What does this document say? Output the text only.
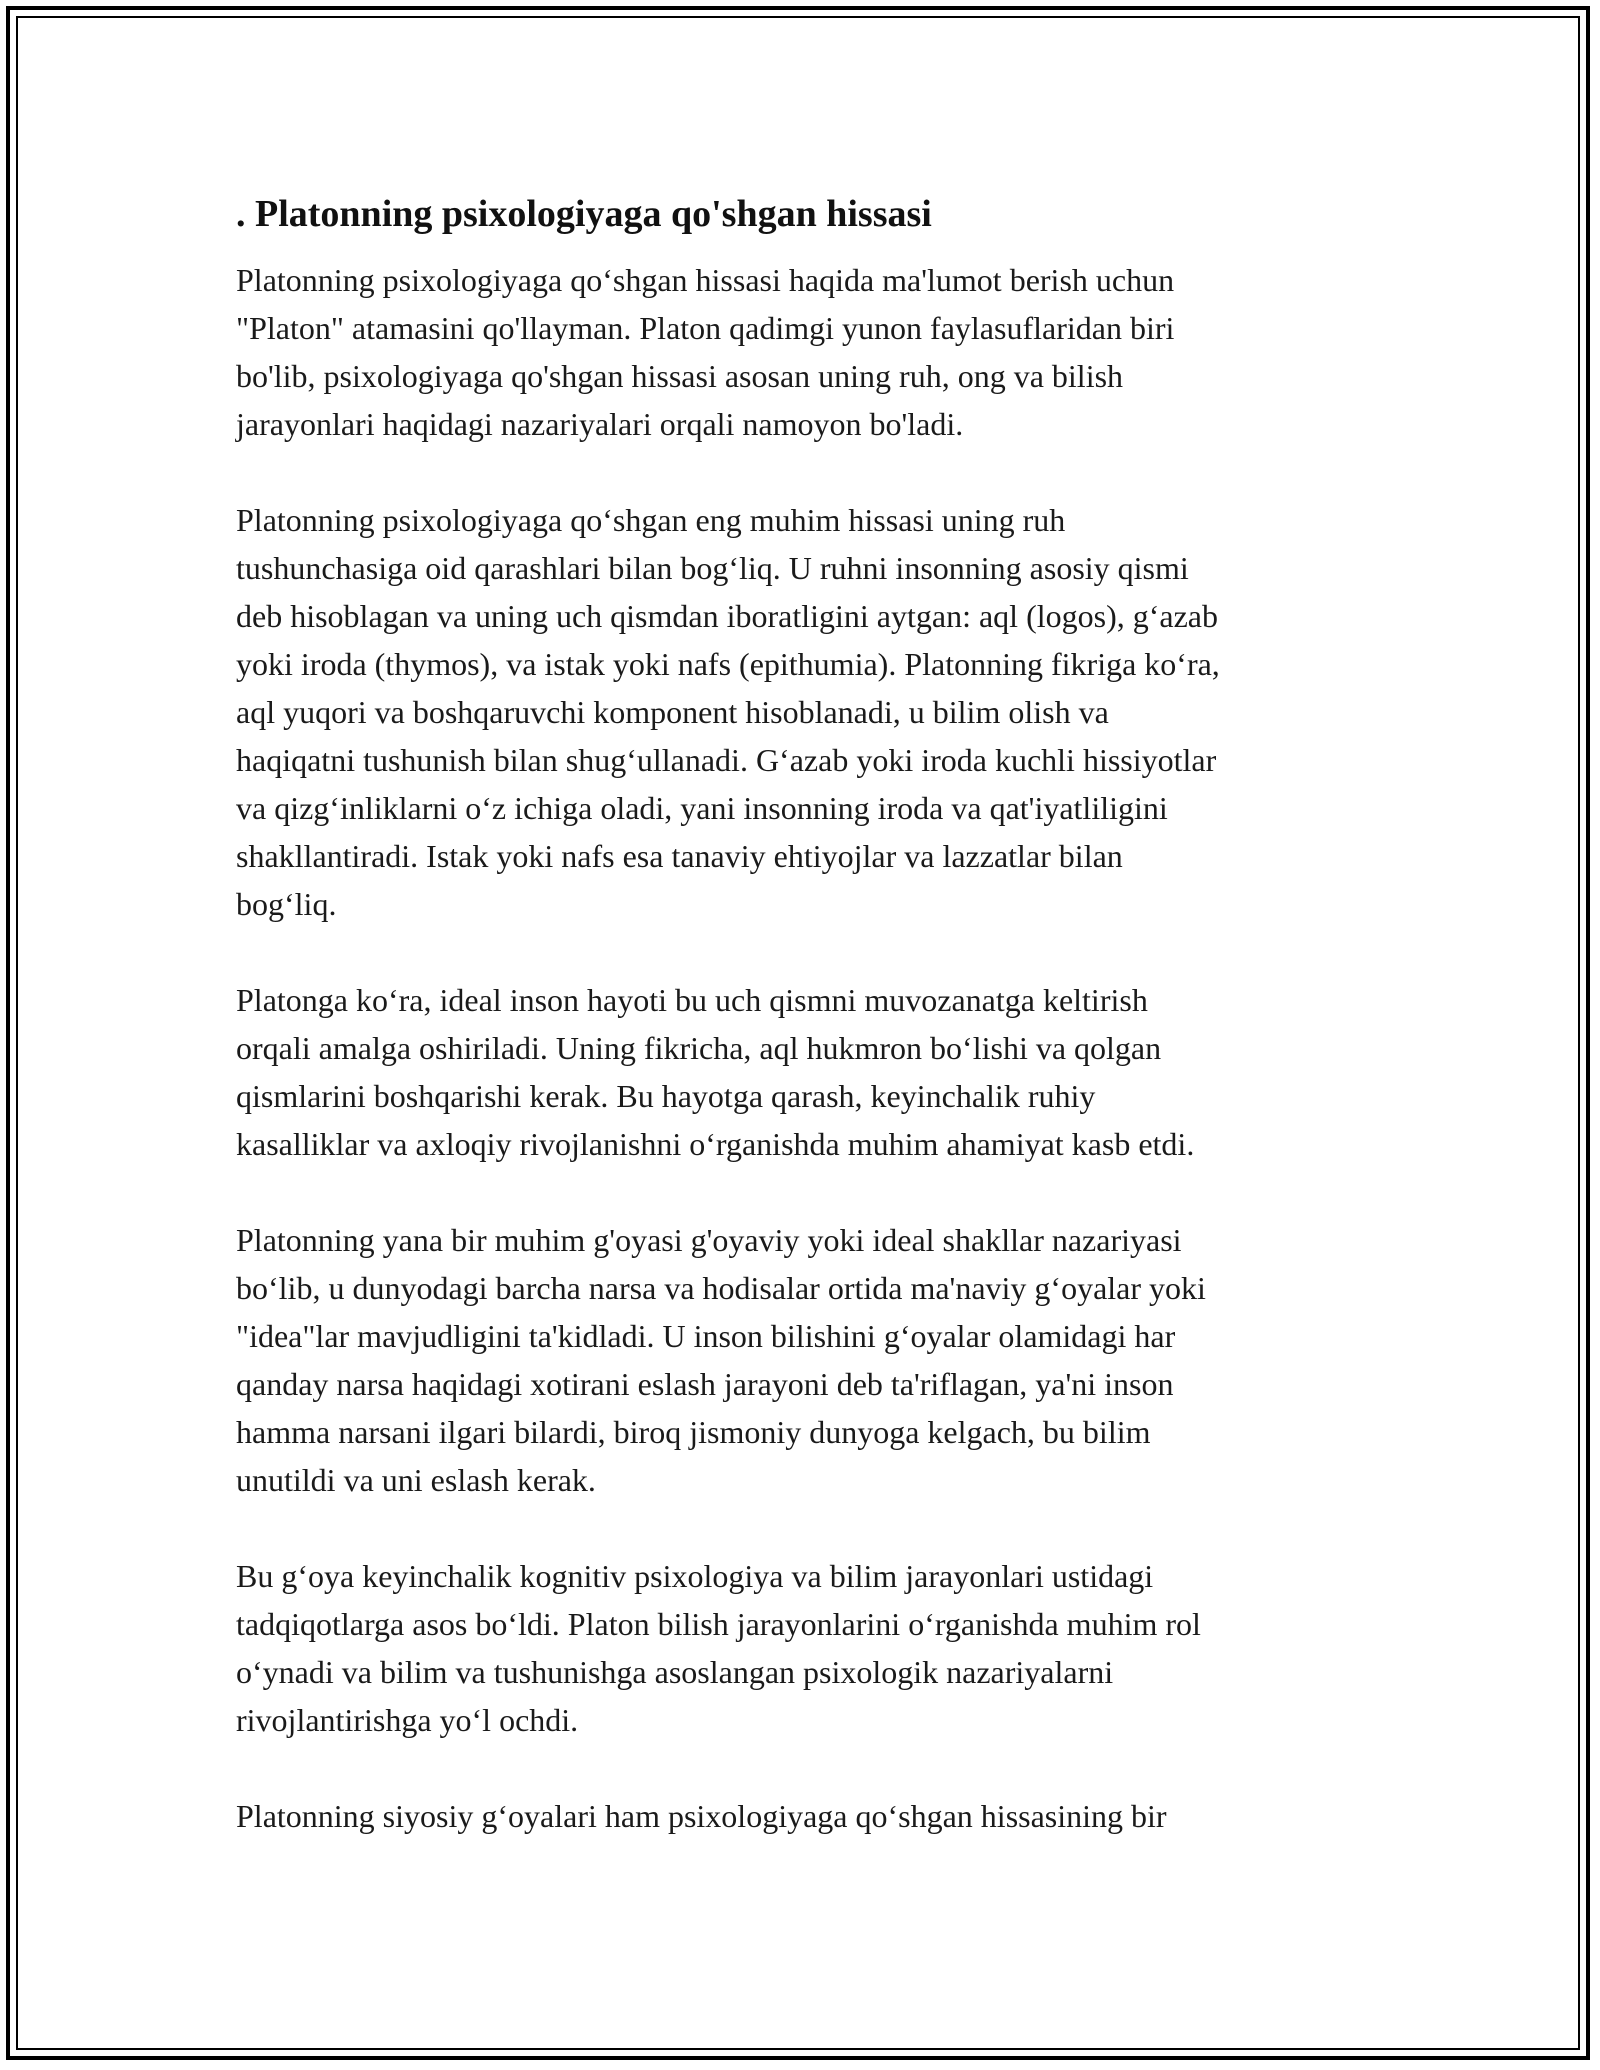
. Platonning psixologiyaga qo'shgan hissasi

Platonning psixologiyaga qo‘shgan hissasi haqida ma'lumot berish uchun
"Platon" atamasini qo'llayman. Platon qadimgi yunon faylasuflaridan biri
bo'lib, psixologiyaga qo'shgan hissasi asosan uning ruh, ong va bilish
jarayonlari haqidagi nazariyalari orqali namoyon bo'ladi.

Platonning psixologiyaga qo‘shgan eng muhim hissasi uning ruh
tushunchasiga oid qarashlari bilan bog‘liq. U ruhni insonning asosiy qismi
deb hisoblagan va uning uch qismdan iboratligini aytgan: aql (logos), g‘azab
yoki iroda (thymos), va istak yoki nafs (epithumia). Platonning fikriga ko‘ra,
aql yuqori va boshqaruvchi komponent hisoblanadi, u bilim olish va
haqiqatni tushunish bilan shug‘ullanadi. G‘azab yoki iroda kuchli hissiyotlar
va qizg‘inliklarni o‘z ichiga oladi, yani insonning iroda va qat'iyatliligini
shakllantiradi. Istak yoki nafs esa tanaviy ehtiyojlar va lazzatlar bilan
bog‘liq.

Platonga ko‘ra, ideal inson hayoti bu uch qismni muvozanatga keltirish
orqali amalga oshiriladi. Uning fikricha, aql hukmron bo‘lishi va qolgan
qismlarini boshqarishi kerak. Bu hayotga qarash, keyinchalik ruhiy
kasalliklar va axloqiy rivojlanishni o‘rganishda muhim ahamiyat kasb etdi.

Platonning yana bir muhim g'oyasi g'oyaviy yoki ideal shakllar nazariyasi
bo‘lib, u dunyodagi barcha narsa va hodisalar ortida ma'naviy g‘oyalar yoki
"idea"lar mavjudligini ta'kidladi. U inson bilishini g‘oyalar olamidagi har
qanday narsa haqidagi xotirani eslash jarayoni deb ta'riflagan, ya'ni inson
hamma narsani ilgari bilardi, biroq jismoniy dunyoga kelgach, bu bilim
unutildi va uni eslash kerak.

Bu g‘oya keyinchalik kognitiv psixologiya va bilim jarayonlari ustidagi
tadqiqotlarga asos bo‘ldi. Platon bilish jarayonlarini o‘rganishda muhim rol
o‘ynadi va bilim va tushunishga asoslangan psixologik nazariyalarni
rivojlantirishga yo‘l ochdi.

Platonning siyosiy g‘oyalari ham psixologiyaga qo‘shgan hissasining bir
